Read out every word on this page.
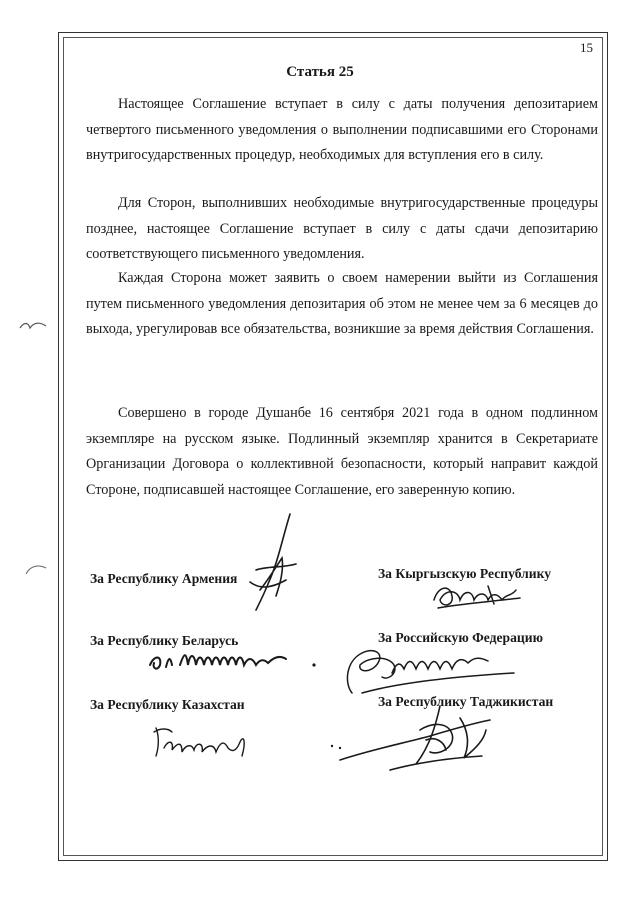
15
Статья 25

Настоящее Соглашение вступает в силу с даты получения депозитарием четвертого письменного уведомления о выполнении подписавшими его Сторонами внутригосударственных процедур, необходимых для вступления его в силу.

Для Сторон, выполнивших необходимые внутригосударственные процедуры позднее, настоящее Соглашение вступает в силу с даты сдачи депозитарию соответствующего письменного уведомления.

Каждая Сторона может заявить о своем намерении выйти из Соглашения путем письменного уведомления депозитария об этом не менее чем за 6 месяцев до выхода, урегулировав все обязательства, возникшие за время действия Соглашения.

Совершено в городе Душанбе 16 сентября 2021 года в одном подлинном экземпляре на русском языке. Подлинный экземпляр хранится в Секретариате Организации Договора о коллективной безопасности, который направит каждой Стороне, подписавшей настоящее Соглашение, его заверенную копию.

За Республику Армения	За Кыргызскую Республику
За Республику Беларусь	За Российскую Федерацию
За Республику Казахстан	За Республику Таджикистан
